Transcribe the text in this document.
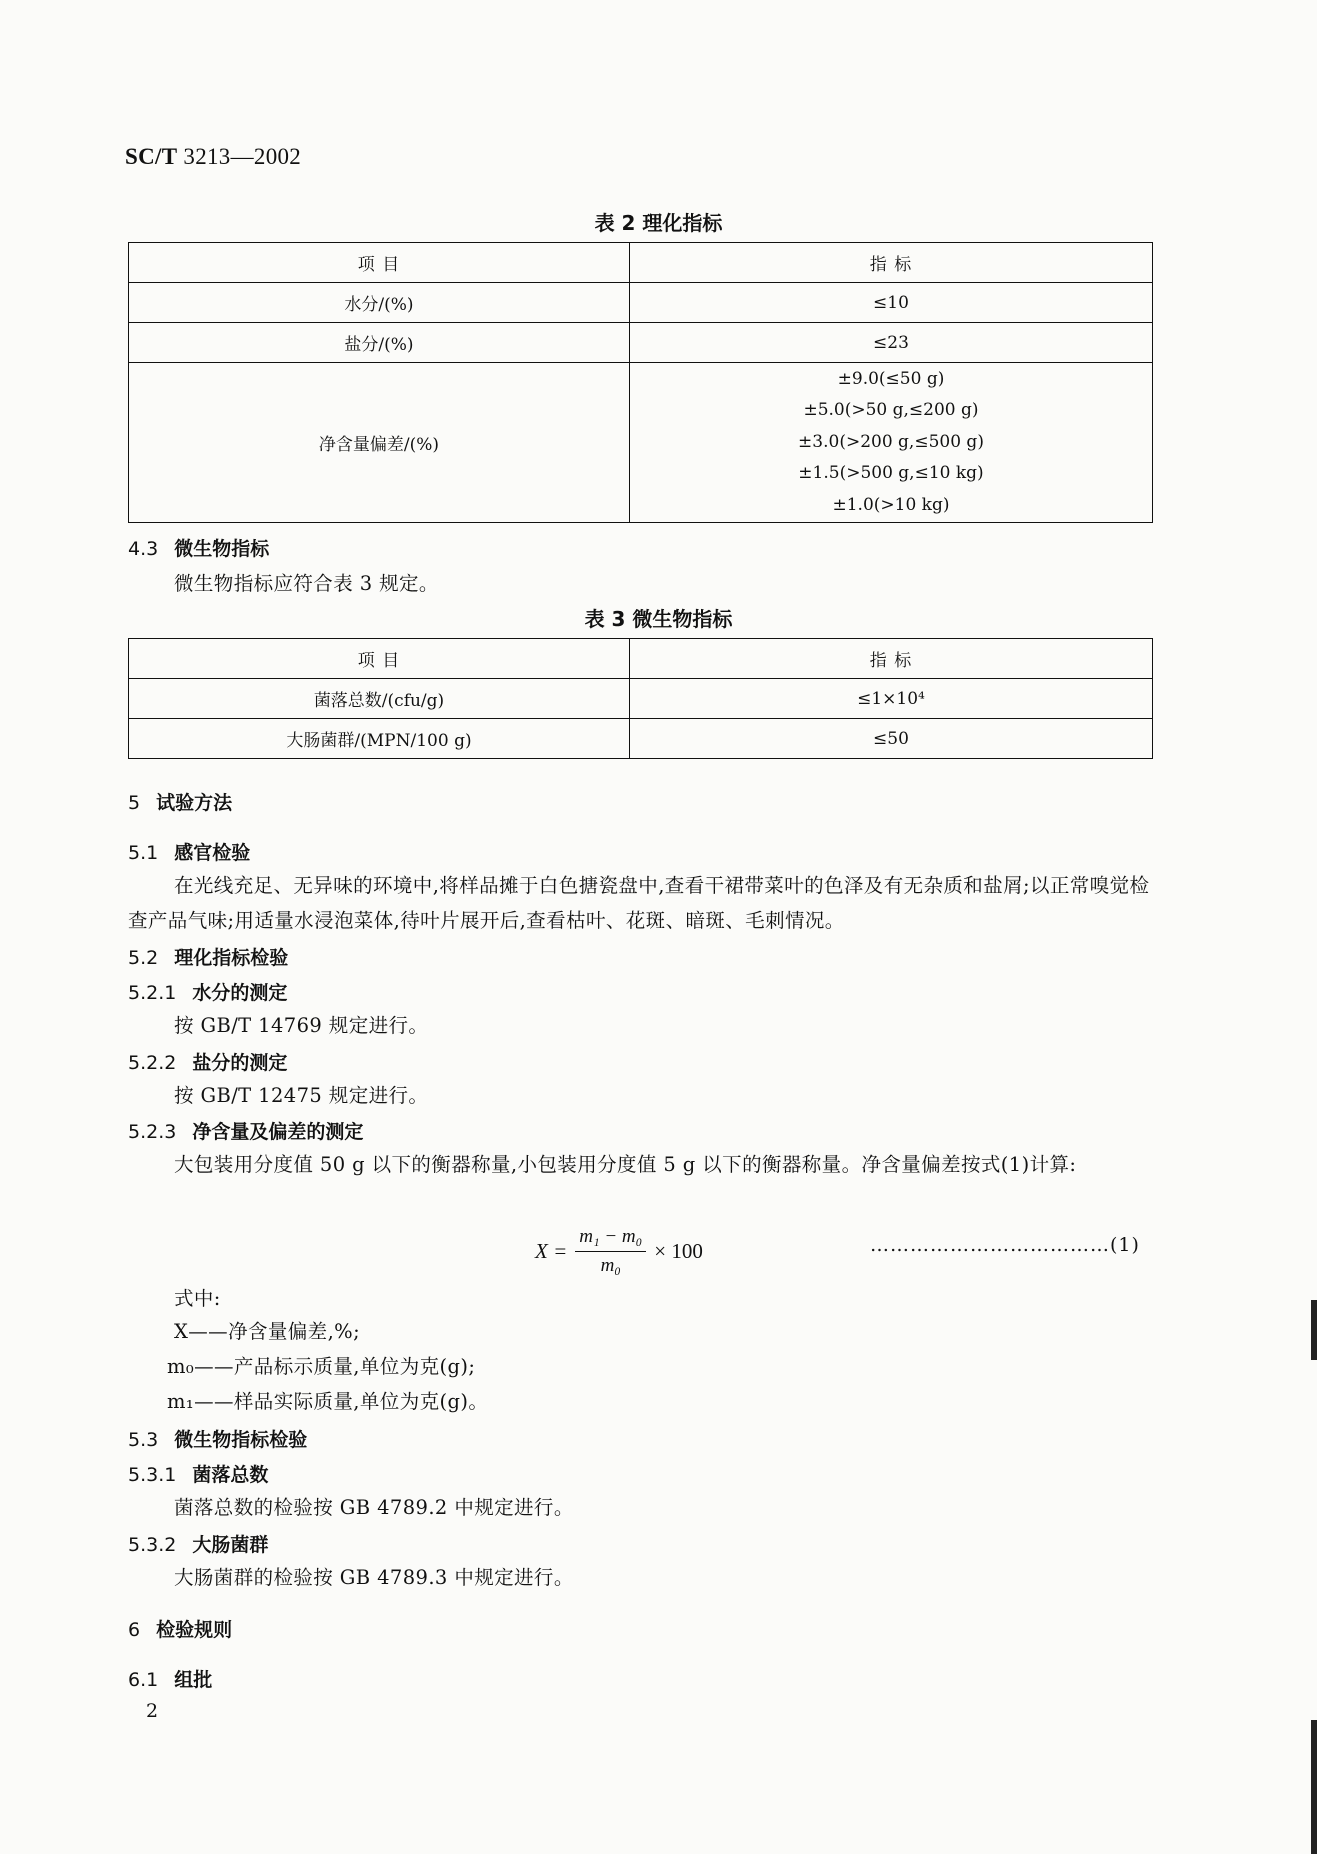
SC/T 3213—2002
表 2 理化指标
项 目	指 标
水分/(%)	≤10
盐分/(%)	≤23
净含量偏差/(%)	±9.0(≤50 g)
±5.0(>50 g,≤200 g)
±3.0(>200 g,≤500 g)
±1.5(>500 g,≤10 kg)
±1.0(>10 kg)
4.3 微生物指标
微生物指标应符合表 3 规定。
表 3 微生物指标
项 目	指 标
菌落总数/(cfu/g)	≤1×10⁴
大肠菌群/(MPN/100 g)	≤50
5 试验方法
5.1 感官检验
在光线充足、无异味的环境中,将样品摊于白色搪瓷盘中,查看干裙带菜叶的色泽及有无杂质和盐屑;以正常嗅觉检查产品气味;用适量水浸泡菜体,待叶片展开后,查看枯叶、花斑、暗斑、毛刺情况。
5.2 理化指标检验
5.2.1 水分的测定
按 GB/T 14769 规定进行。
5.2.2 盐分的测定
按 GB/T 12475 规定进行。
5.2.3 净含量及偏差的测定
大包装用分度值 50 g 以下的衡器称量,小包装用分度值 5 g 以下的衡器称量。净含量偏差按式(1)计算:
$X = \frac{\text{m₁ − m₀}}{\text{m₀}} \times 100$	………………………………(1)
式中:
X——净含量偏差,%;
m₀——产品标示质量,单位为克(g);
m₁——样品实际质量,单位为克(g)。
5.3 微生物指标检验
5.3.1 菌落总数
菌落总数的检验按 GB 4789.2 中规定进行。
5.3.2 大肠菌群
大肠菌群的检验按 GB 4789.3 中规定进行。
6 检验规则
6.1 组批
2
